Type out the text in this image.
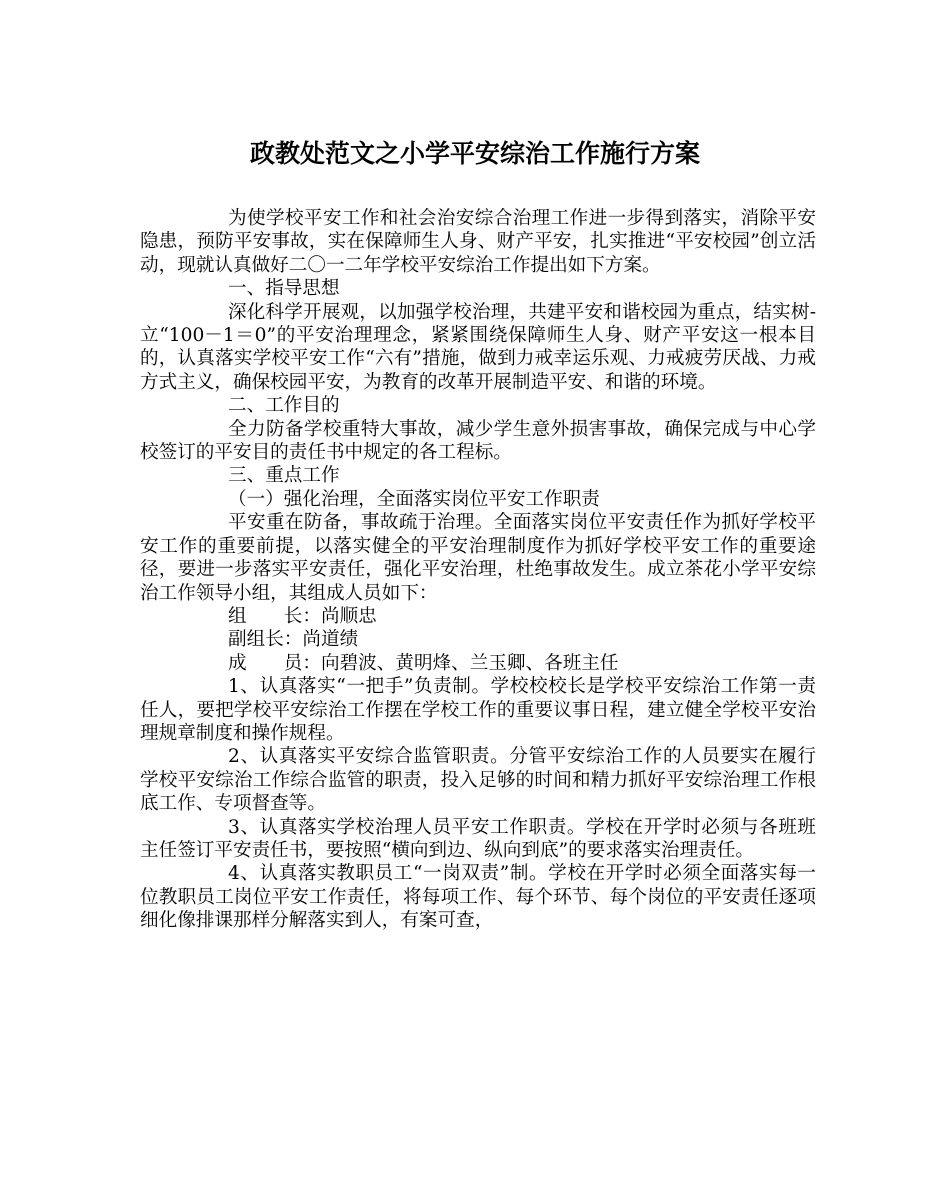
政教处范文之小学平安综治工作施行方案

为使学校平安工作和社会治安综合治理工作进一步得到落实，消除平安隐患，预防平安事故，实在保障师生人身、财产平安，扎实推进“平安校园”创立活动，现就认真做好二〇一二年学校平安综治工作提出如下方案。

一、指导思想

深化科学开展观，以加强学校治理，共建平安和谐校园为重点，结实树-立“100－1＝0”的平安治理理念，紧紧围绕保障师生人身、财产平安这一根本目的，认真落实学校平安工作“六有”措施，做到力戒幸运乐观、力戒疲劳厌战、力戒方式主义，确保校园平安，为教育的改革开展制造平安、和谐的环境。

二、工作目的

全力防备学校重特大事故，减少学生意外损害事故，确保完成与中心学校签订的平安目的责任书中规定的各工程标。

三、重点工作

（一）强化治理，全面落实岗位平安工作职责

平安重在防备，事故疏于治理。全面落实岗位平安责任作为抓好学校平安工作的重要前提，以落实健全的平安治理制度作为抓好学校平安工作的重要途径，要进一步落实平安责任，强化平安治理，杜绝事故发生。成立茶花小学平安综治工作领导小组，其组成人员如下：

组　　长：尚顺忠

副组长：尚道绩

成　　员：向碧波、黄明烽、兰玉卿、各班主任

1、认真落实“一把手”负责制。学校校校长是学校平安综治工作第一责任人，要把学校平安综治工作摆在学校工作的重要议事日程，建立健全学校平安治理规章制度和操作规程。

2、认真落实平安综合监管职责。分管平安综治工作的人员要实在履行学校平安综治工作综合监管的职责，投入足够的时间和精力抓好平安综治理工作根底工作、专项督查等。

3、认真落实学校治理人员平安工作职责。学校在开学时必须与各班班主任签订平安责任书，要按照“横向到边、纵向到底”的要求落实治理责任。

4、认真落实教职员工“一岗双责”制。学校在开学时必须全面落实每一位教职员工岗位平安工作责任，将每项工作、每个环节、每个岗位的平安责任逐项细化像排课那样分解落实到人，有案可查，
